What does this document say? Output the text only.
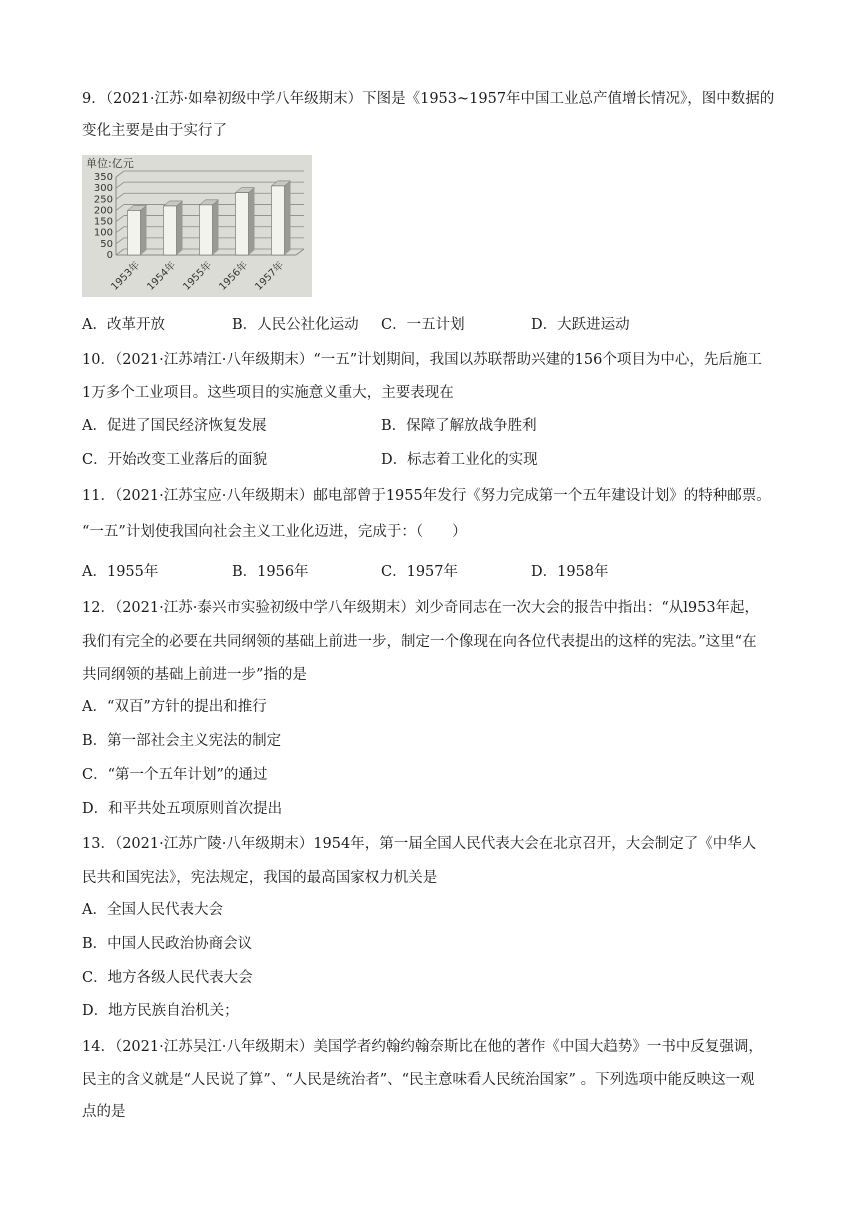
9．（2021·江苏·如皋初级中学八年级期末）下图是《1953~1957年中国工业总产值增长情况》，图中数据的
变化主要是由于实行了
单位:亿元
350
300
250
200
150
100
50
0
1953年 1954年 1955年 1956年 1957年
A．改革开放	B．人民公社化运动 C．一五计划	D．大跃进运动
10．（2021·江苏靖江·八年级期末）“一五”计划期间，我国以苏联帮助兴建的156个项目为中心，先后施工
1万多个工业项目。这些项目的实施意义重大，主要表现在
A．促进了国民经济恢复发展	B．保障了解放战争胜利
C．开始改变工业落后的面貌	D．标志着工业化的实现
11．（2021·江苏宝应·八年级期末）邮电部曾于1955年发行《努力完成第一个五年建设计划》的特种邮票。
“一五”计划使我国向社会主义工业化迈进，完成于：（　　）
A．1955年	B．1956年	C．1957年	D．1958年
12．（2021·江苏·泰兴市实验初级中学八年级期末）刘少奇同志在一次大会的报告中指出：“从l953年起，
我们有完全的必要在共同纲领的基础上前进一步，制定一个像现在向各位代表提出的这样的宪法。”这里“在
共同纲领的基础上前进一步”指的是
A．“双百”方针的提出和推行
B．第一部社会主义宪法的制定
C．“第一个五年计划”的通过
D．和平共处五项原则首次提出
13．（2021·江苏广陵·八年级期末）1954年，第一届全国人民代表大会在北京召开，大会制定了《中华人
民共和国宪法》，宪法规定，我国的最高国家权力机关是
A．全国人民代表大会
B．中国人民政治协商会议
C．地方各级人民代表大会
D．地方民族自治机关；
14．（2021·江苏吴江·八年级期末）美国学者约翰约翰奈斯比在他的著作《中国大趋势》一书中反复强调，
民主的含义就是“人民说了算”、“人民是统治者”、“民主意味看人民统治国家” 。下列选项中能反映这一观
点的是
